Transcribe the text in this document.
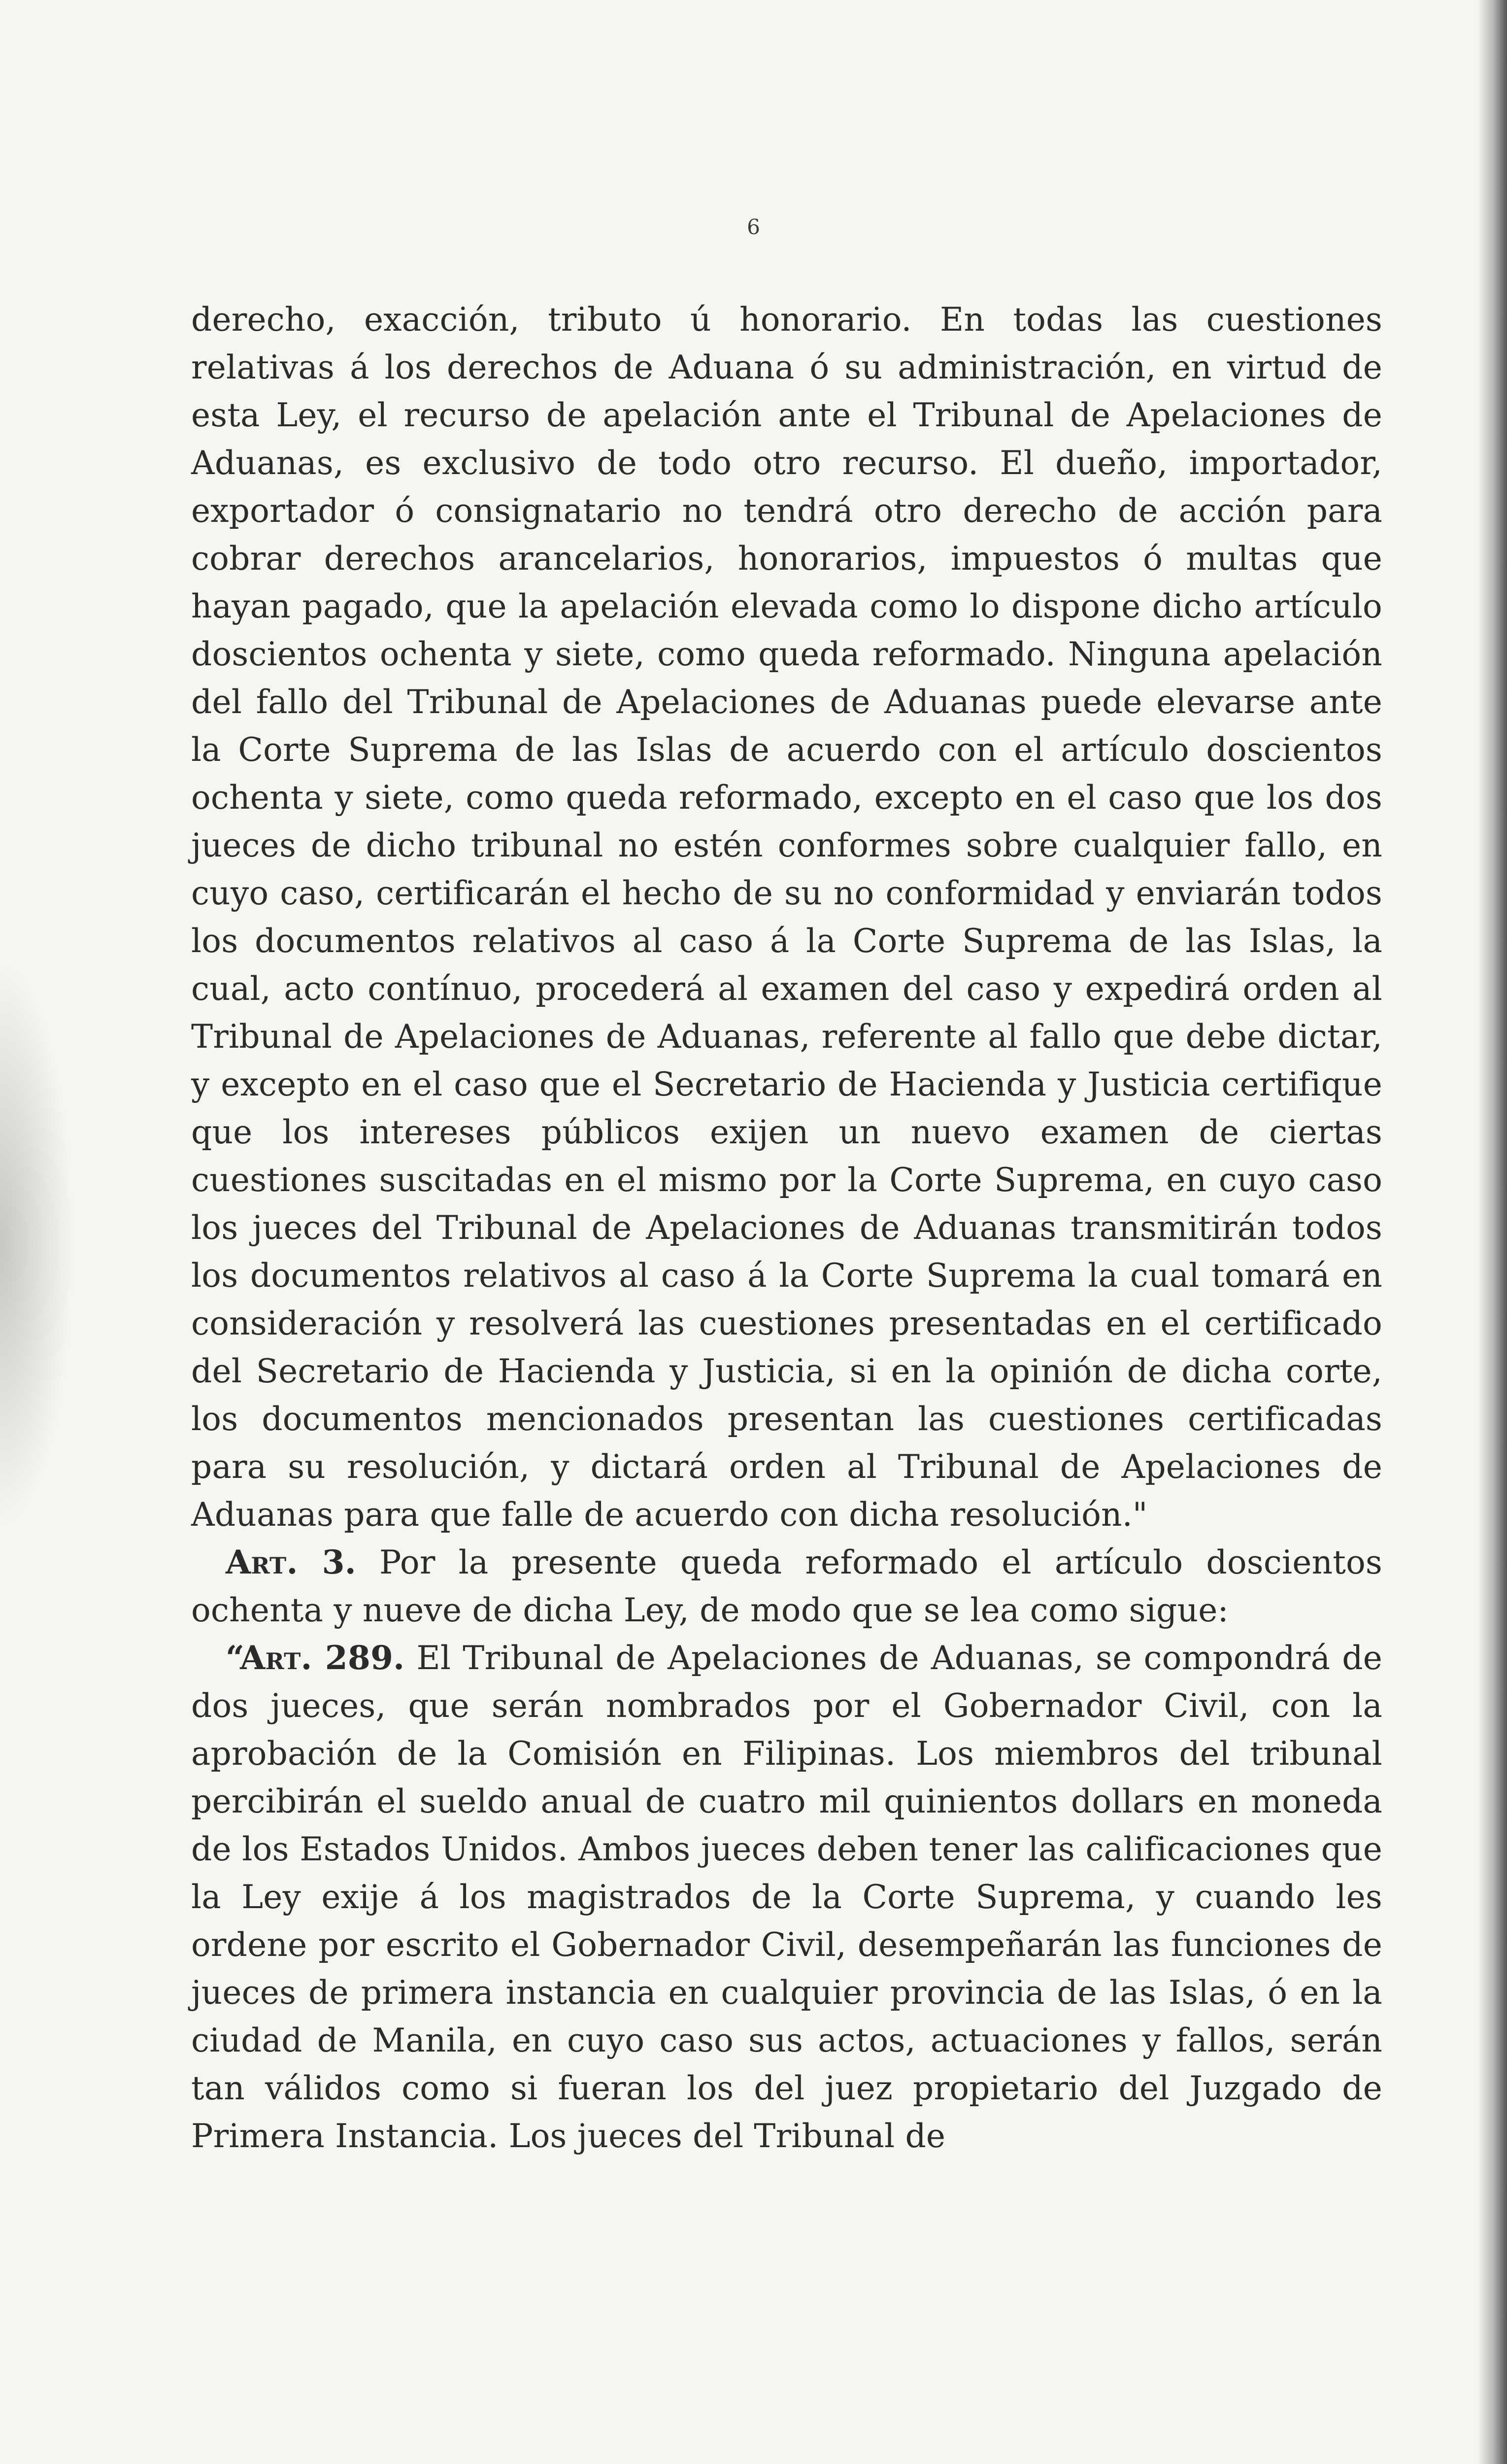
6

derecho, exacción, tributo ú honorario. En todas las cuestiones relativas á los derechos de Aduana ó su administración, en virtud de esta Ley, el recurso de apelación ante el Tribunal de Apelaciones de Aduanas, es exclusivo de todo otro recurso. El dueño, importador, exportador ó consignatario no tendrá otro derecho de acción para cobrar derechos arancelarios, honorarios, impuestos ó multas que hayan pagado, que la apelación elevada como lo dispone dicho artículo doscientos ochenta y siete, como queda reformado. Ninguna apelación del fallo del Tribunal de Apelaciones de Aduanas puede elevarse ante la Corte Suprema de las Islas de acuerdo con el artículo doscientos ochenta y siete, como queda reformado, excepto en el caso que los dos jueces de dicho tribunal no estén conformes sobre cualquier fallo, en cuyo caso, certificarán el hecho de su no conformidad y enviarán todos los documentos relativos al caso á la Corte Suprema de las Islas, la cual, acto contínuo, procederá al examen del caso y expedirá orden al Tribunal de Apelaciones de Aduanas, referente al fallo que debe dictar, y excepto en el caso que el Secretario de Hacienda y Justicia certifique que los intereses públicos exijen un nuevo examen de ciertas cuestiones suscitadas en el mismo por la Corte Suprema, en cuyo caso los jueces del Tribunal de Apelaciones de Aduanas transmitirán todos los documentos relativos al caso á la Corte Suprema la cual tomará en consideración y resolverá las cuestiones presentadas en el certificado del Secretario de Hacienda y Justicia, si en la opinión de dicha corte, los documentos mencionados presentan las cuestiones certificadas para su resolución, y dictará orden al Tribunal de Apelaciones de Aduanas para que falle de acuerdo con dicha resolución."

Art. 3. Por la presente queda reformado el artículo doscientos ochenta y nueve de dicha Ley, de modo que se lea como sigue:

“Art. 289. El Tribunal de Apelaciones de Aduanas, se compondrá de dos jueces, que serán nombrados por el Gobernador Civil, con la aprobación de la Comisión en Filipinas. Los miembros del tribunal percibirán el sueldo anual de cuatro mil quinientos dollars en moneda de los Estados Unidos. Ambos jueces deben tener las calificaciones que la Ley exije á los magistrados de la Corte Suprema, y cuando les ordene por escrito el Gobernador Civil, desempeñarán las funciones de jueces de primera instancia en cualquier provincia de las Islas, ó en la ciudad de Manila, en cuyo caso sus actos, actuaciones y fallos, serán tan válidos como si fueran los del juez propietario del Juzgado de Primera Instancia. Los jueces del Tribunal de
